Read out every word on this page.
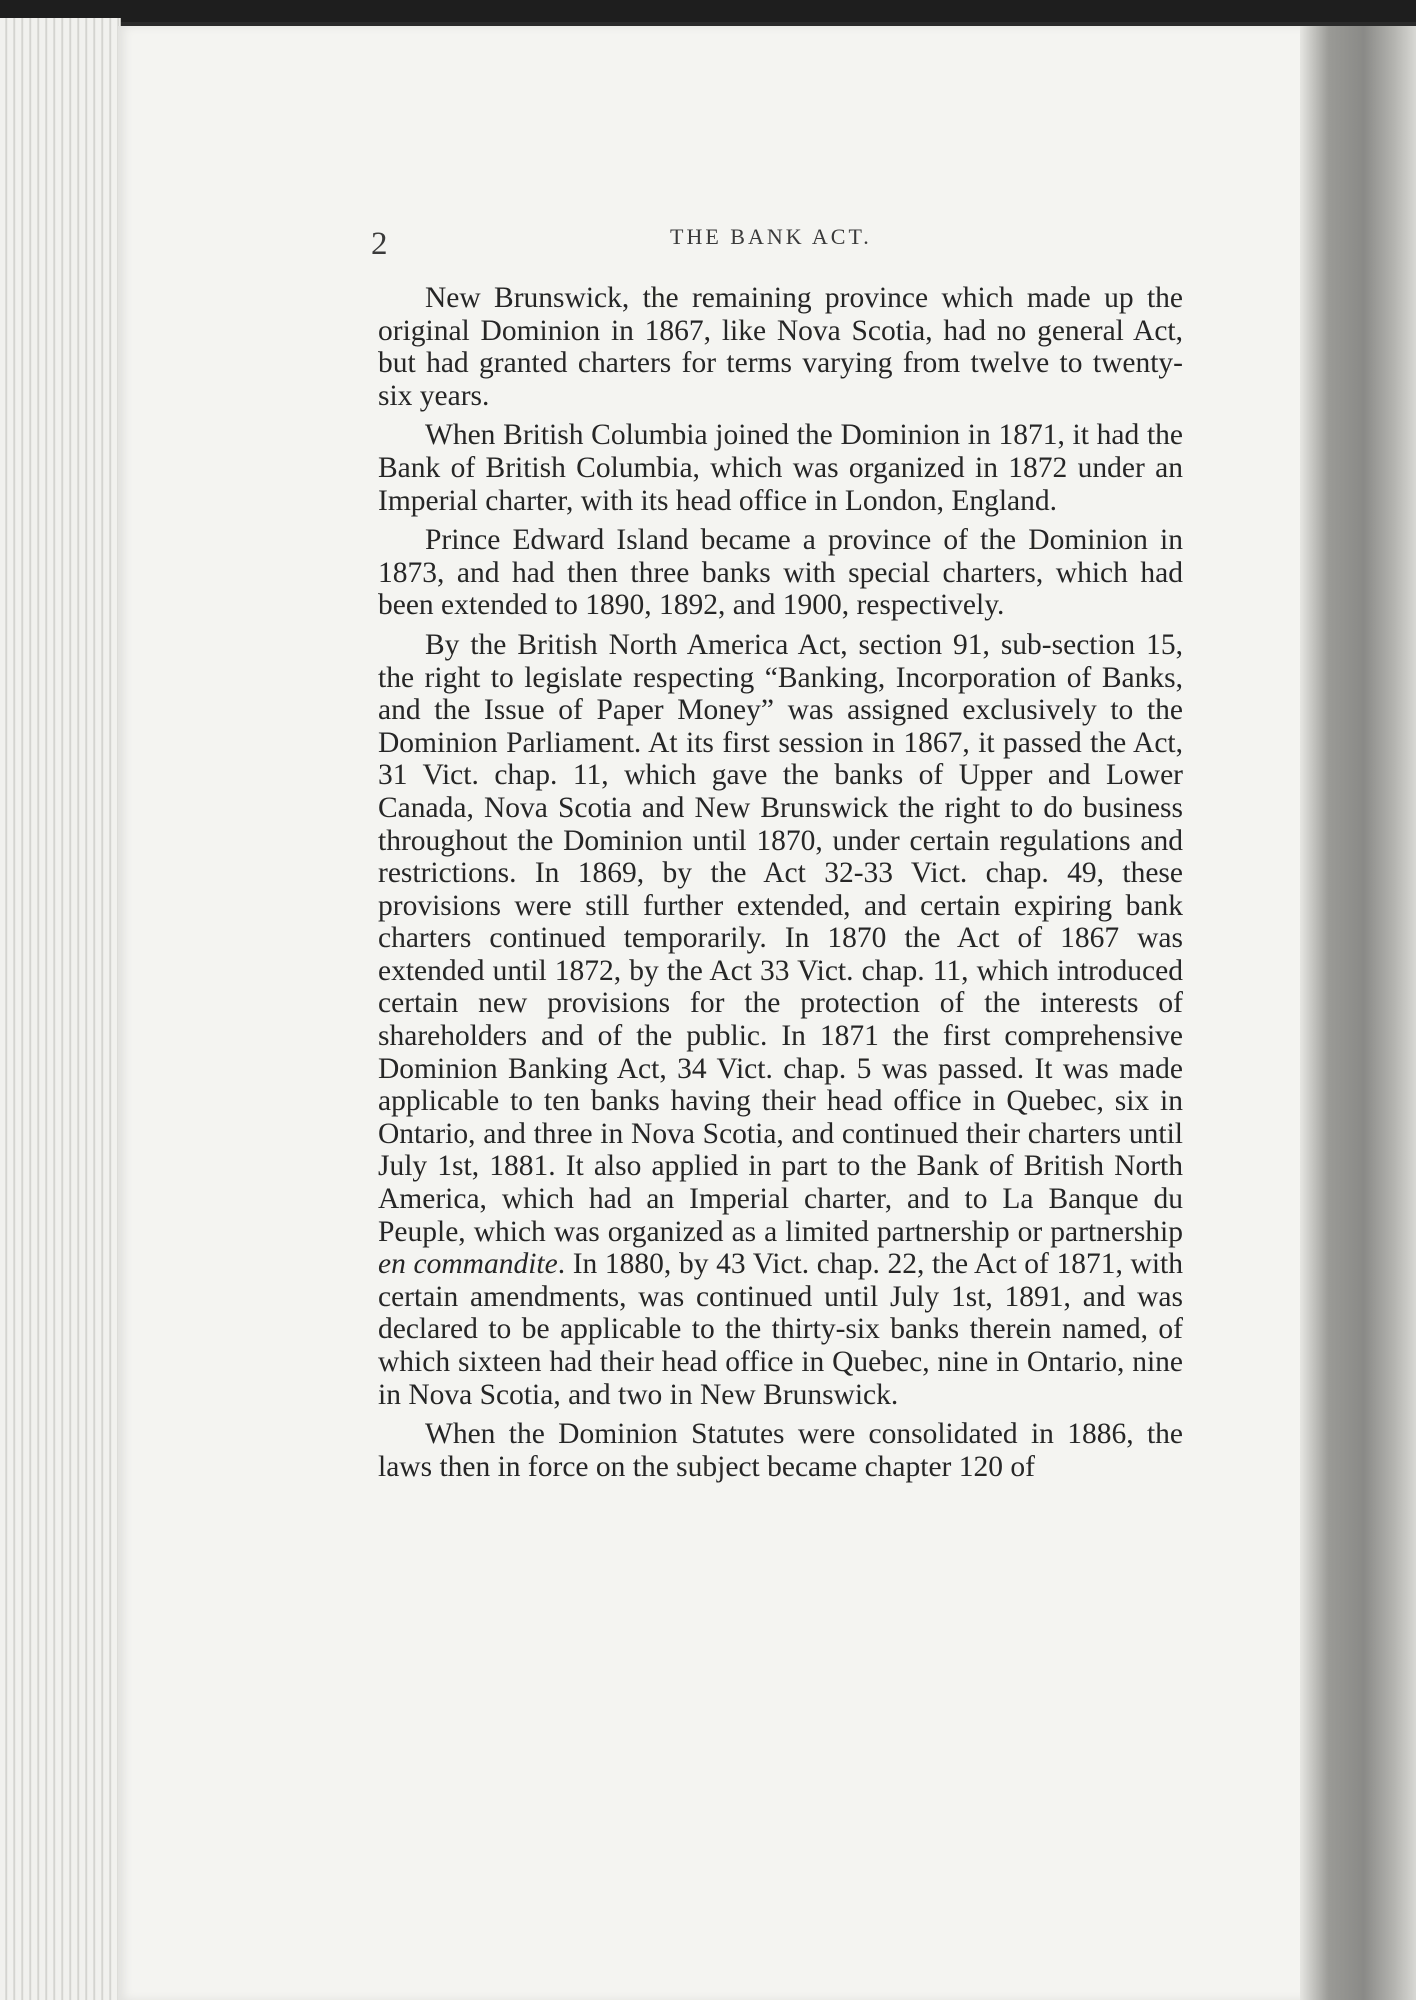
2	THE BANK ACT.

New Brunswick, the remaining province which made up the original Dominion in 1867, like Nova Scotia, had no general Act, but had granted charters for terms varying from twelve to twenty-six years.

When British Columbia joined the Dominion in 1871, it had the Bank of British Columbia, which was organized in 1872 under an Imperial charter, with its head office in London, England.

Prince Edward Island became a province of the Dominion in 1873, and had then three banks with special charters, which had been extended to 1890, 1892, and 1900, respectively.

By the British North America Act, section 91, sub-section 15, the right to legislate respecting “Banking, Incorporation of Banks, and the Issue of Paper Money” was assigned exclusively to the Dominion Parliament. At its first session in 1867, it passed the Act, 31 Vict. chap. 11, which gave the banks of Upper and Lower Canada, Nova Scotia and New Brunswick the right to do business throughout the Dominion until 1870, under certain regulations and restrictions. In 1869, by the Act 32-33 Vict. chap. 49, these provisions were still further extended, and certain expiring bank charters continued temporarily. In 1870 the Act of 1867 was extended until 1872, by the Act 33 Vict. chap. 11, which introduced certain new provisions for the protection of the interests of shareholders and of the public. In 1871 the first comprehensive Dominion Banking Act, 34 Vict. chap. 5 was passed. It was made applicable to ten banks having their head office in Quebec, six in Ontario, and three in Nova Scotia, and continued their charters until July 1st, 1881. It also applied in part to the Bank of British North America, which had an Imperial charter, and to La Banque du Peuple, which was organized as a limited partnership or partnership en commandite. In 1880, by 43 Vict. chap. 22, the Act of 1871, with certain amendments, was continued until July 1st, 1891, and was declared to be applicable to the thirty-six banks therein named, of which sixteen had their head office in Quebec, nine in Ontario, nine in Nova Scotia, and two in New Brunswick.

When the Dominion Statutes were consolidated in 1886, the laws then in force on the subject became chapter 120 of
